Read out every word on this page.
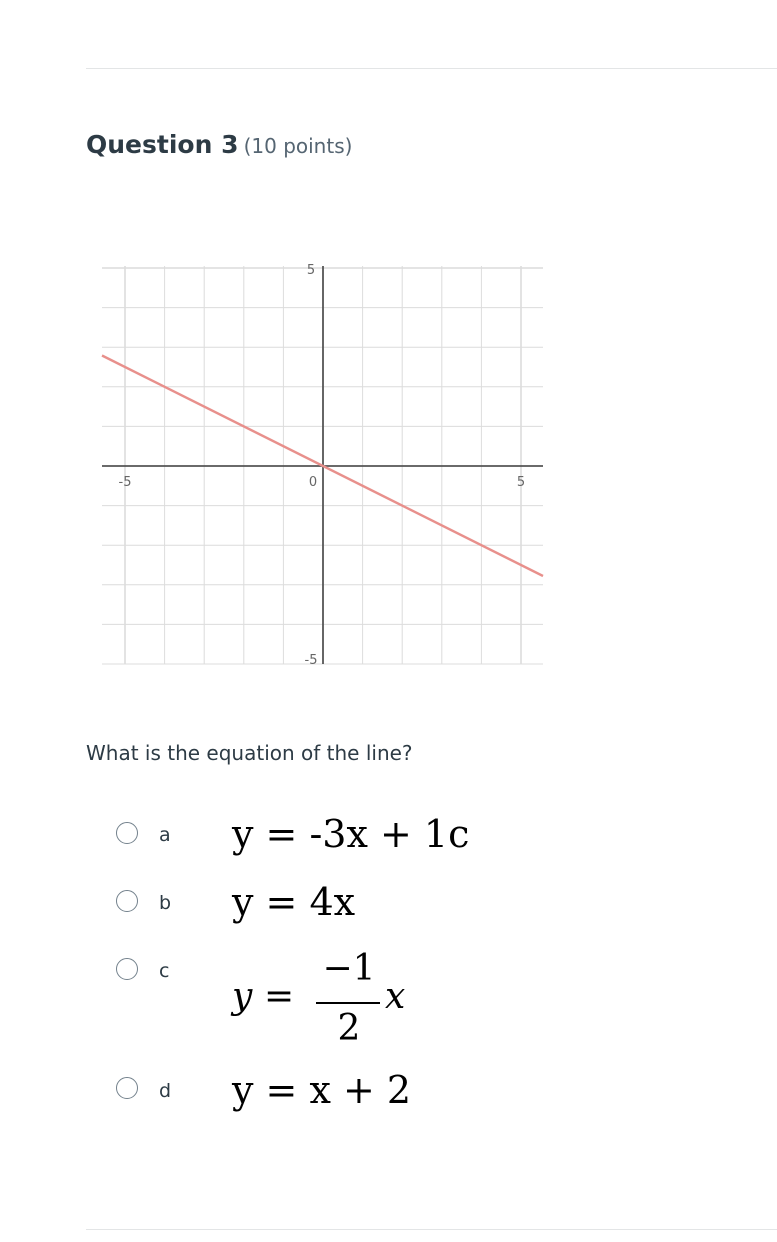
Question 3 (10 points)
-5	0	5
5
-5
What is the equation of the line?
a y = -3x + 1c
b y = 4x
c
y =
−1
2
x
d y = x + 2
